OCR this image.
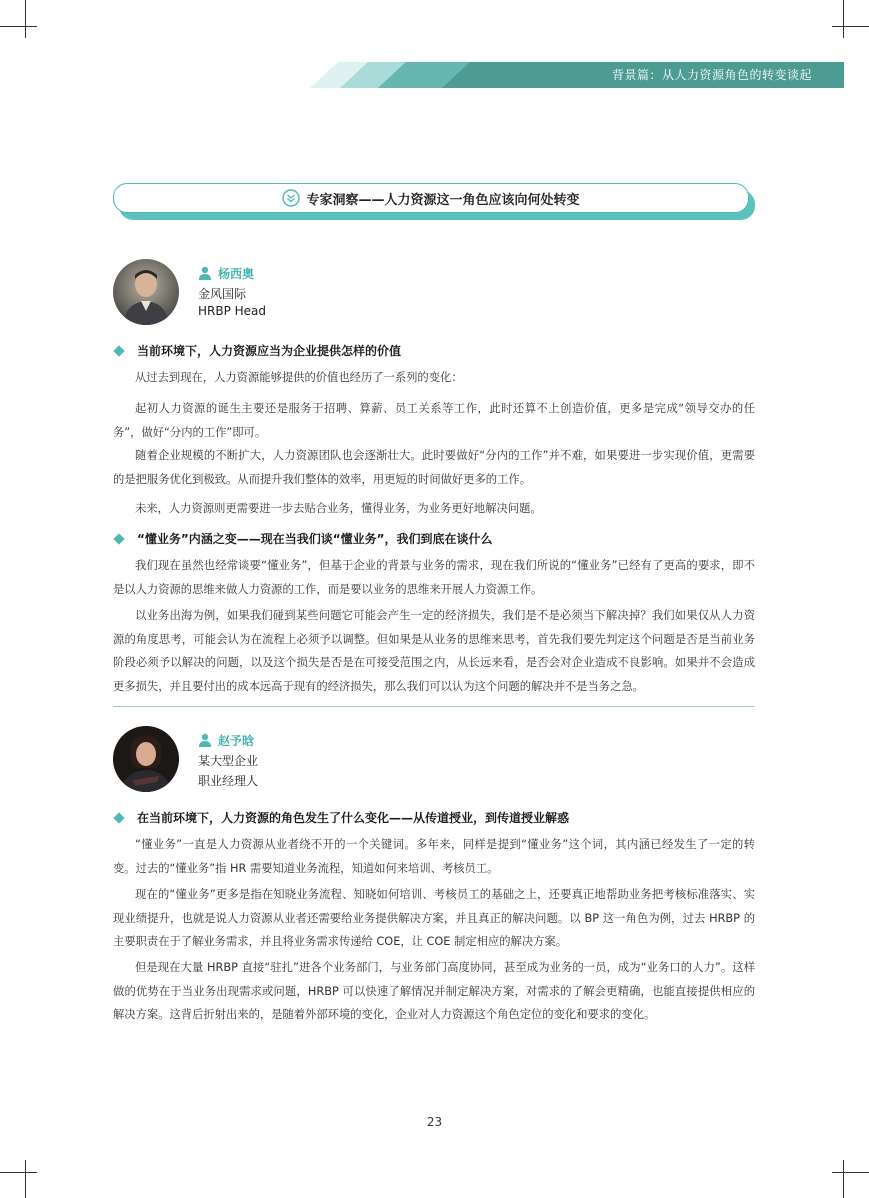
背景篇：从人力资源角色的转变谈起
专家洞察——人力资源这一角色应该向何处转变
杨西奥
金风国际
HRBP Head
当前环境下，人力资源应当为企业提供怎样的价值

从过去到现在，人力资源能够提供的价值也经历了一系列的变化：

起初人力资源的诞生主要还是服务于招聘、算薪、员工关系等工作，此时还算不上创造价值，更多是完成“领导交办的任务”，做好“分内的工作”即可。

随着企业规模的不断扩大，人力资源团队也会逐渐壮大。此时要做好“分内的工作”并不难，如果要进一步实现价值，更需要的是把服务优化到极致。从而提升我们整体的效率，用更短的时间做好更多的工作。

未来，人力资源则更需要进一步去贴合业务，懂得业务，为业务更好地解决问题。

“懂业务”内涵之变——现在当我们谈“懂业务”，我们到底在谈什么

我们现在虽然也经常谈要“懂业务”，但基于企业的背景与业务的需求，现在我们所说的“懂业务”已经有了更高的要求，即不是以人力资源的思维来做人力资源的工作，而是要以业务的思维来开展人力资源工作。

以业务出海为例，如果我们碰到某些问题它可能会产生一定的经济损失，我们是不是必须当下解决掉？我们如果仅从人力资源的角度思考，可能会认为在流程上必须予以调整。但如果是从业务的思维来思考，首先我们要先判定这个问题是否是当前业务阶段必须予以解决的问题，以及这个损失是否是在可接受范围之内，从长远来看，是否会对企业造成不良影响。如果并不会造成更多损失，并且要付出的成本远高于现有的经济损失，那么我们可以认为这个问题的解决并不是当务之急。

赵予晗
某大型企业
职业经理人
在当前环境下，人力资源的角色发生了什么变化——从传道授业，到传道授业解惑

“懂业务”一直是人力资源从业者绕不开的一个关键词。多年来，同样是提到“懂业务”这个词，其内涵已经发生了一定的转变。过去的“懂业务”指 HR 需要知道业务流程，知道如何来培训、考核员工。

现在的“懂业务”更多是指在知晓业务流程、知晓如何培训、考核员工的基础之上，还要真正地帮助业务把考核标准落实、实现业绩提升，也就是说人力资源从业者还需要给业务提供解决方案，并且真正的解决问题。以 BP 这一角色为例，过去 HRBP 的主要职责在于了解业务需求，并且将业务需求传递给 COE，让 COE 制定相应的解决方案。

但是现在大量 HRBP 直接“驻扎”进各个业务部门，与业务部门高度协同，甚至成为业务的一员，成为“业务口的人力”。这样做的优势在于当业务出现需求或问题，HRBP 可以快速了解情况并制定解决方案，对需求的了解会更精确，也能直接提供相应的解决方案。这背后折射出来的，是随着外部环境的变化，企业对人力资源这个角色定位的变化和要求的变化。

23
